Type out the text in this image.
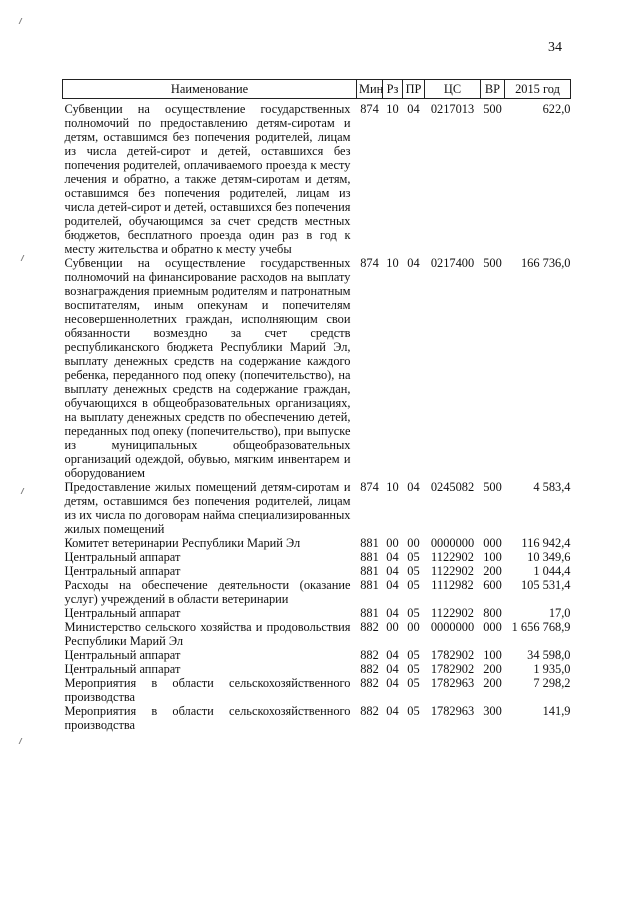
34
Наименование	Мин	Рз	ПР	ЦС	ВР	2015 год
Субвенции на осуществление государственных полномочий по предоставлению детям-сиротам и детям, оставшимся без попечения родителей, лицам из числа детей-сирот и детей, оставшихся без попечения родителей, оплачиваемого проезда к месту лечения и обратно, а также детям-сиротам и детям, оставшимся без попечения родителей, лицам из числа детей-сирот и детей, оставшихся без попечения родителей, обучающимся за счет средств местных бюджетов, бесплатного проезда один раз в год к месту жительства и обратно к месту учебы	874	10	04	0217013	500	622,0
Субвенции на осуществление государственных полномочий на финансирование расходов на выплату вознаграждения приемным родителям и патронатным воспитателям, иным опекунам и попечителям несовершеннолетних граждан, исполняющим свои обязанности возмездно за счет средств республиканского бюджета Республики Марий Эл, выплату денежных средств на содержание каждого ребенка, переданного под опеку (попечительство), на выплату денежных средств на содержание граждан, обучающихся в общеобразовательных организациях, на выплату денежных средств по обеспечению детей, переданных под опеку (попечительство), при выпуске из муниципальных общеобразовательных организаций одеждой, обувью, мягким инвентарем и оборудованием	874	10	04	0217400	500	166 736,0
Предоставление жилых помещений детям-сиротам и детям, оставшимся без попечения родителей, лицам из их числа по договорам найма специализированных жилых помещений	874	10	04	0245082	500	4 583,4
Комитет ветеринарии Республики Марий Эл	881	00	00	0000000	000	116 942,4
Центральный аппарат	881	04	05	1122902	100	10 349,6
Центральный аппарат	881	04	05	1122902	200	1 044,4
Расходы на обеспечение деятельности (оказание услуг) учреждений в области ветеринарии	881	04	05	1112982	600	105 531,4
Центральный аппарат	881	04	05	1122902	800	17,0
Министерство сельского хозяйства и продовольствия Республики Марий Эл	882	00	00	0000000	000	1 656 768,9
Центральный аппарат	882	04	05	1782902	100	34 598,0
Центральный аппарат	882	04	05	1782902	200	1 935,0
Мероприятия в области сельскохозяйственного производства	882	04	05	1782963	200	7 298,2
Мероприятия в области сельскохозяйственного производства	882	04	05	1782963	300	141,9
